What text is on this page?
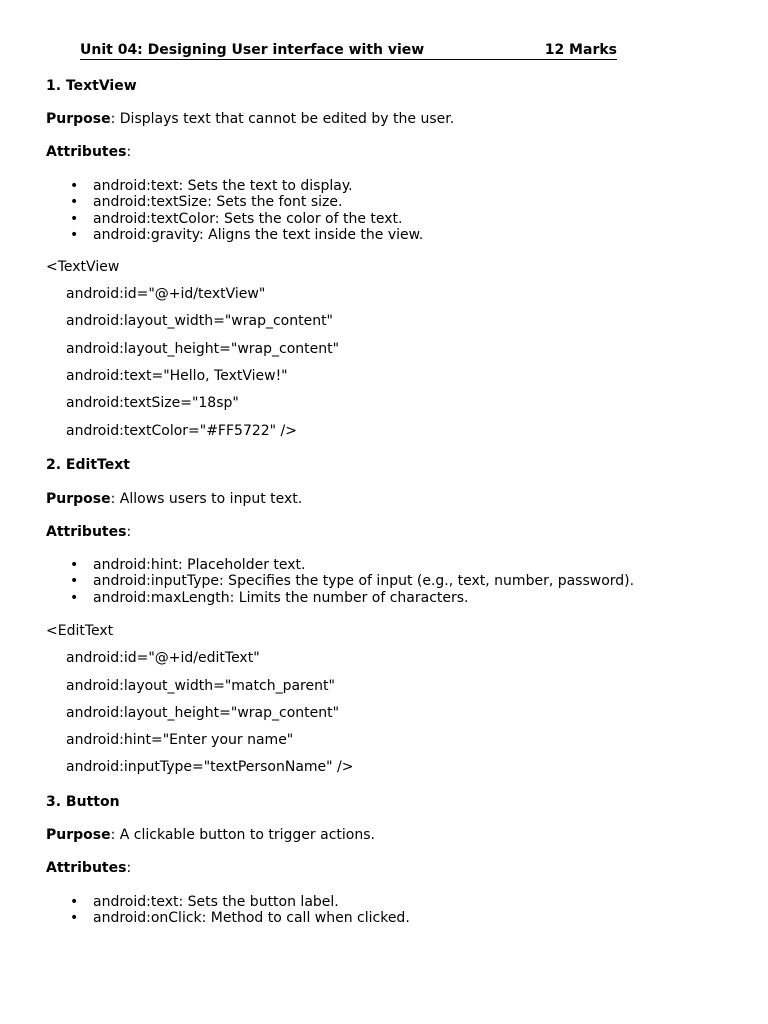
Unit 04: Designing User interface with view	12 Marks
1. TextView
Purpose: Displays text that cannot be edited by the user.
Attributes:
• android:text: Sets the text to display.
• android:textSize: Sets the font size.
• android:textColor: Sets the color of the text.
• android:gravity: Aligns the text inside the view.
<TextView
android:id="@+id/textView"
android:layout_width="wrap_content"
android:layout_height="wrap_content"
android:text="Hello, TextView!"
android:textSize="18sp"
android:textColor="#FF5722" />
2. EditText
Purpose: Allows users to input text.
Attributes:
• android:hint: Placeholder text.
• android:inputType: Specifies the type of input (e.g., text, number, password).
• android:maxLength: Limits the number of characters.
<EditText
android:id="@+id/editText"
android:layout_width="match_parent"
android:layout_height="wrap_content"
android:hint="Enter your name"
android:inputType="textPersonName" />
3. Button
Purpose: A clickable button to trigger actions.
Attributes:
• android:text: Sets the button label.
• android:onClick: Method to call when clicked.
